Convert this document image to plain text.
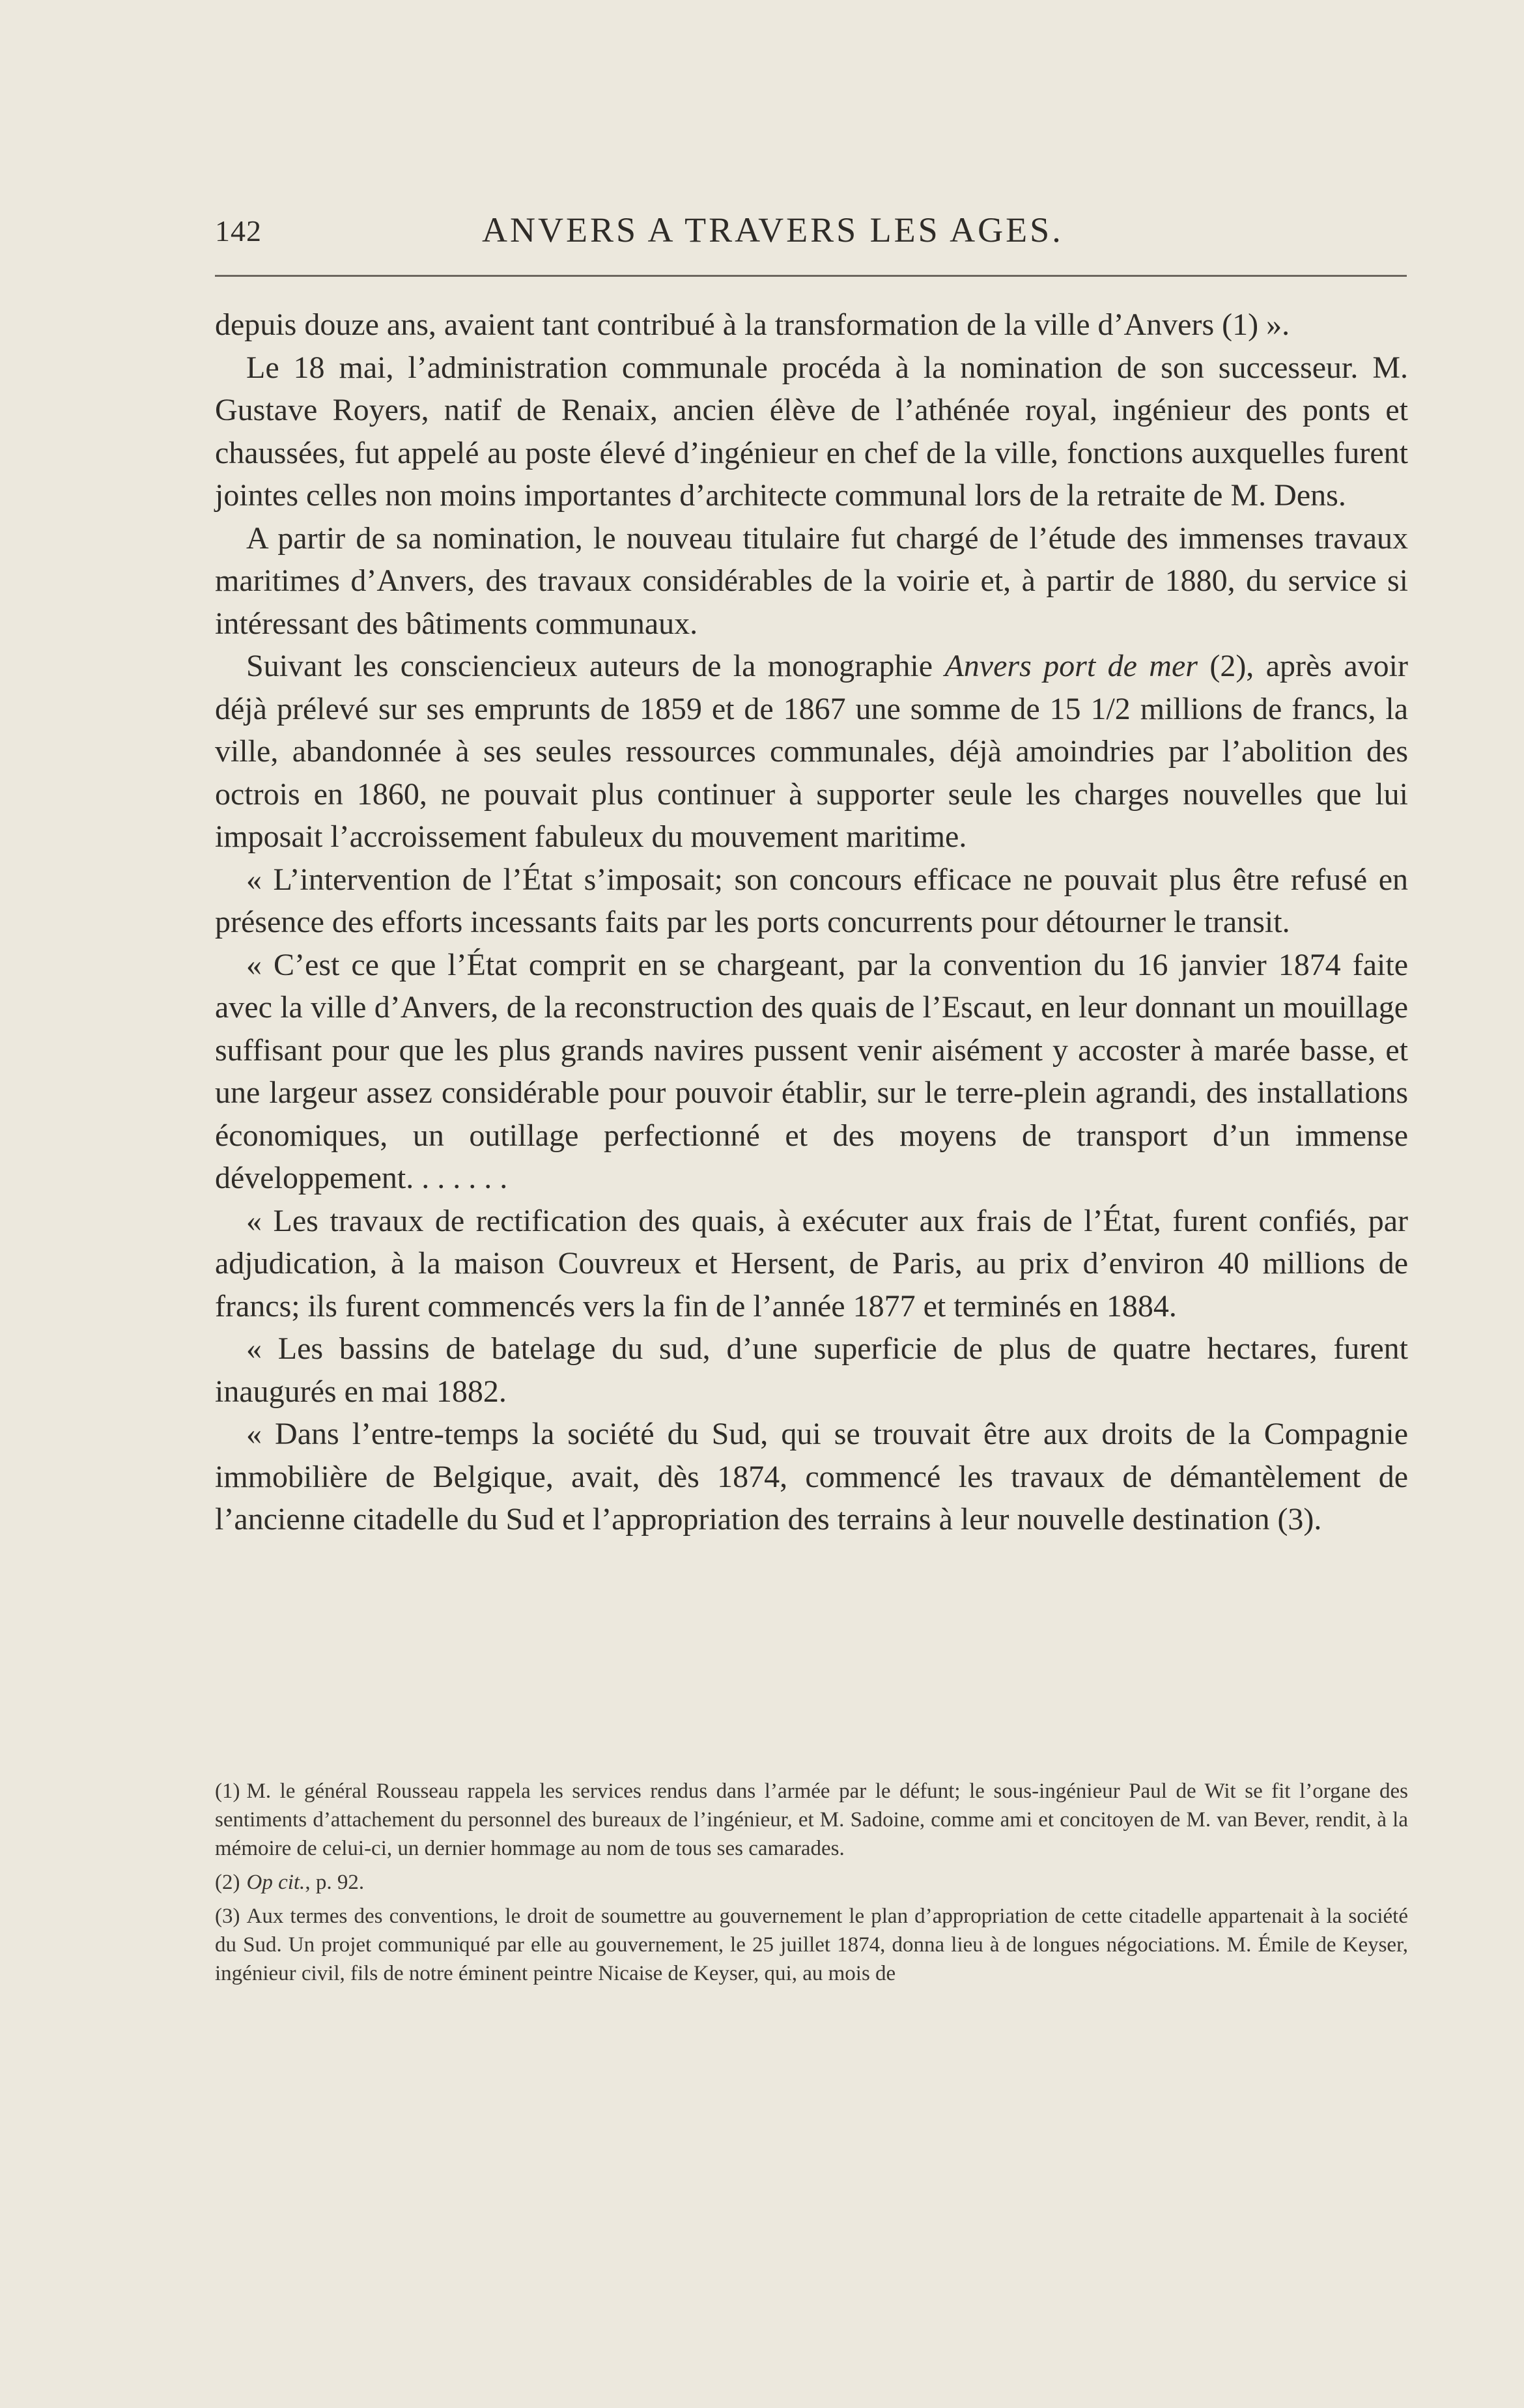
142	ANVERS A TRAVERS LES AGES.

depuis douze ans, avaient tant contribué à la transformation de la ville d’Anvers (1) ».

Le 18 mai, l’administration communale procéda à la nomination de son successeur. M. Gustave Royers, natif de Renaix, ancien élève de l’athénée royal, ingénieur des ponts et chaussées, fut appelé au poste élevé d’ingénieur en chef de la ville, fonctions auxquelles furent jointes celles non moins importantes d’architecte communal lors de la retraite de M. Dens.

A partir de sa nomination, le nouveau titulaire fut chargé de l’étude des immenses travaux maritimes d’Anvers, des travaux considérables de la voirie et, à partir de 1880, du service si intéressant des bâtiments communaux.

Suivant les consciencieux auteurs de la monographie Anvers port de mer (2), après avoir déjà prélevé sur ses emprunts de 1859 et de 1867 une somme de 15 1/2 millions de francs, la ville, abandonnée à ses seules ressources communales, déjà amoindries par l’abolition des octrois en 1860, ne pouvait plus continuer à supporter seule les charges nouvelles que lui imposait l’accroissement fabuleux du mouvement maritime.

« L’intervention de l’État s’imposait; son concours efficace ne pouvait plus être refusé en présence des efforts incessants faits par les ports concurrents pour détourner le transit.

« C’est ce que l’État comprit en se chargeant, par la convention du 16 janvier 1874 faite avec la ville d’Anvers, de la reconstruction des quais de l’Escaut, en leur donnant un mouillage suffisant pour que les plus grands navires pussent venir aisément y accoster à marée basse, et une largeur assez considérable pour pouvoir établir, sur le terre-plein agrandi, des installations économiques, un outillage perfectionné et des moyens de transport d’un immense développement. . . . . . .

« Les travaux de rectification des quais, à exécuter aux frais de l’État, furent confiés, par adjudication, à la maison Couvreux et Hersent, de Paris, au prix d’environ 40 millions de francs; ils furent commencés vers la fin de l’année 1877 et terminés en 1884.

« Les bassins de batelage du sud, d’une superficie de plus de quatre hectares, furent inaugurés en mai 1882.

« Dans l’entre-temps la société du Sud, qui se trouvait être aux droits de la Compagnie immobilière de Belgique, avait, dès 1874, commencé les travaux de démantèlement de l’ancienne citadelle du Sud et l’appropriation des terrains à leur nouvelle destination (3).

(1) M. le général Rousseau rappela les services rendus dans l’armée par le défunt; le sous-ingénieur Paul de Wit se fit l’organe des sentiments d’attachement du personnel des bureaux de l’ingénieur, et M. Sadoine, comme ami et concitoyen de M. van Bever, rendit, à la mémoire de celui-ci, un dernier hommage au nom de tous ses camarades.

(2) Op cit., p. 92.

(3) Aux termes des conventions, le droit de soumettre au gouvernement le plan d’appropriation de cette citadelle appartenait à la société du Sud. Un projet communiqué par elle au gouvernement, le 25 juillet 1874, donna lieu à de longues négociations. M. Émile de Keyser, ingénieur civil, fils de notre éminent peintre Nicaise de Keyser, qui, au mois de
